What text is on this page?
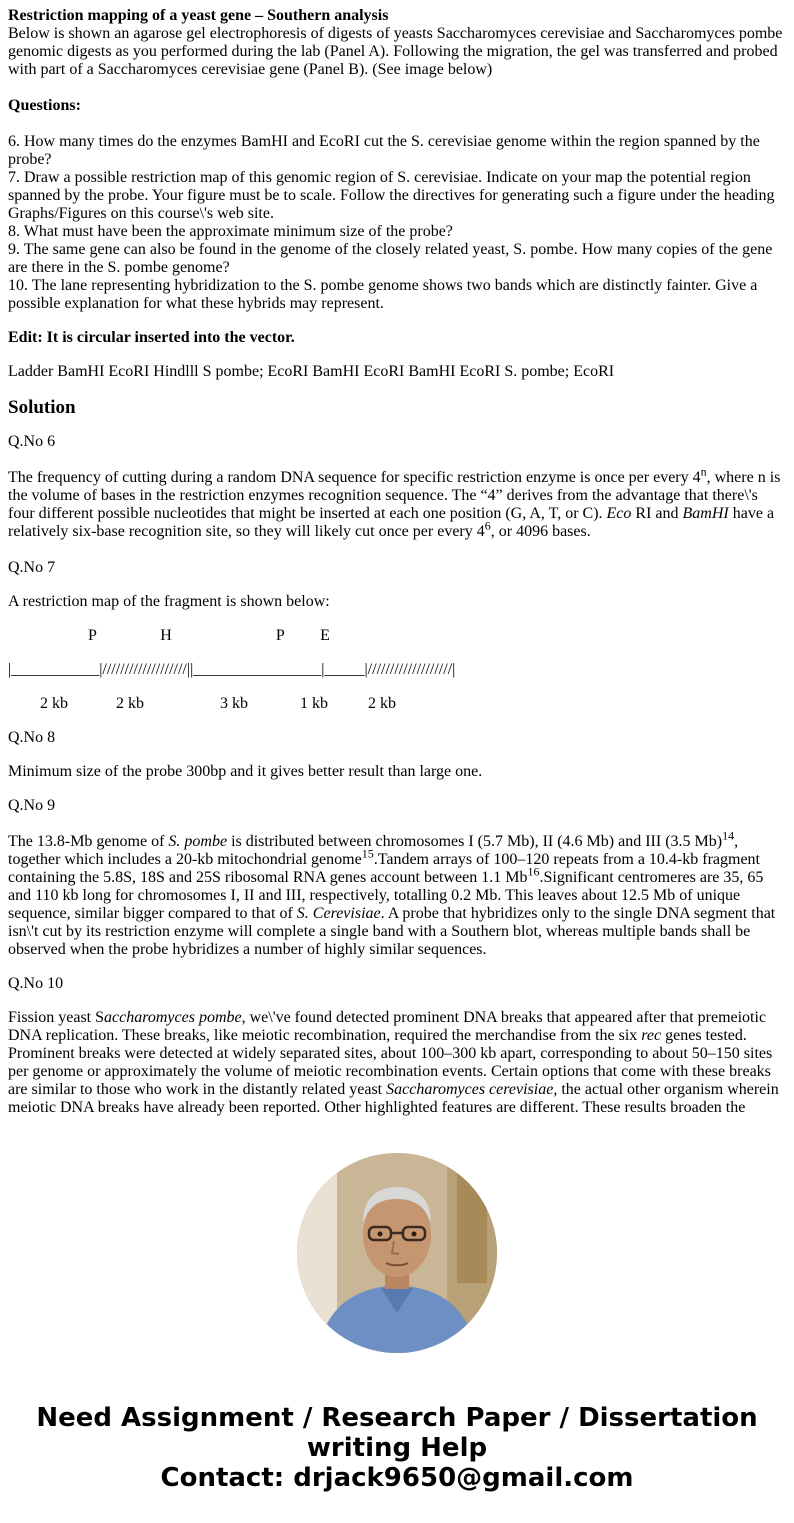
Restriction mapping of a yeast gene – Southern analysis

Below is shown an agarose gel electrophoresis of digests of yeasts Saccharomyces cerevisiae and Saccharomyces pombe genomic digests as you performed during the lab (Panel A). Following the migration, the gel was transferred and probed with part of a Saccharomyces cerevisiae gene (Panel B). (See image below)

Questions:

6. How many times do the enzymes BamHI and EcoRI cut the S. cerevisiae genome within the region spanned by the probe?

7. Draw a possible restriction map of this genomic region of S. cerevisiae. Indicate on your map the potential region spanned by the probe. Your figure must be to scale. Follow the directives for generating such a figure under the heading Graphs/Figures on this course\'s web site.

8. What must have been the approximate minimum size of the probe?

9. The same gene can also be found in the genome of the closely related yeast, S. pombe. How many copies of the gene are there in the S. pombe genome?

10. The lane representing hybridization to the S. pombe genome shows two bands which are distinctly fainter. Give a possible explanation for what these hybrids may represent.

Edit: It is circular inserted into the vector.

Ladder BamHI EcoRI Hindlll S pombe; EcoRI BamHI EcoRI BamHI EcoRI S. pombe; EcoRI

Solution

Q.No 6

The frequency of cutting during a random DNA sequence for specific restriction enzyme is once per every 4$^n$, where n is the volume of bases in the restriction enzymes recognition sequence. The “4” derives from the advantage that there\'s four different possible nucleotides that might be inserted at each one position (G, A, T, or C). Eco RI and BamHI have a relatively six-base recognition site, so they will likely cut once per every $4^6$, or 4096 bases.

Q.No 7

A restriction map of the fragment is shown below:

P                H                          P         E

|___________|///////////////////||________________|_____|///////////////////|

2 kb            2 kb                   3 kb             1 kb          2 kb

Q.No 8

Minimum size of the probe 300bp and it gives better result than large one.

Q.No 9

The 13.8-Mb genome of S. pombe is distributed between chromosomes I (5.7 Mb), II (4.6 Mb) and III (3.5 Mb)$^{14}$, together which includes a 20-kb mitochondrial genome$^{15}$.Tandem arrays of 100–120 repeats from a 10.4-kb fragment containing the 5.8S, 18S and 25S ribosomal RNA genes account between 1.1 Mb$^{16}$.Significant centromeres are 35, 65 and 110 kb long for chromosomes I, II and III, respectively, totalling 0.2 Mb. This leaves about 12.5 Mb of unique sequence, similar bigger compared to that of S. Cerevisiae. A probe that hybridizes only to the single DNA segment that isn\'t cut by its restriction enzyme will complete a single band with a Southern blot, whereas multiple bands shall be observed when the probe hybridizes a number of highly similar sequences.

Q.No 10

Fission yeast Saccharomyces pombe, we\'ve found detected prominent DNA breaks that appeared after that premeiotic DNA replication. These breaks, like meiotic recombination, required the merchandise from the six rec genes tested. Prominent breaks were detected at widely separated sites, about 100–300 kb apart, corresponding to about 50–150 sites per genome or approximately the volume of meiotic recombination events. Certain options that come with these breaks are similar to those who work in the distantly related yeast Saccharomyces cerevisiae, the actual other organism wherein meiotic DNA breaks have already been reported. Other highlighted features are different. These results broaden the

Need Assignment / Research Paper / Dissertation
writing Help
Contact: drjack9650@gmail.com
